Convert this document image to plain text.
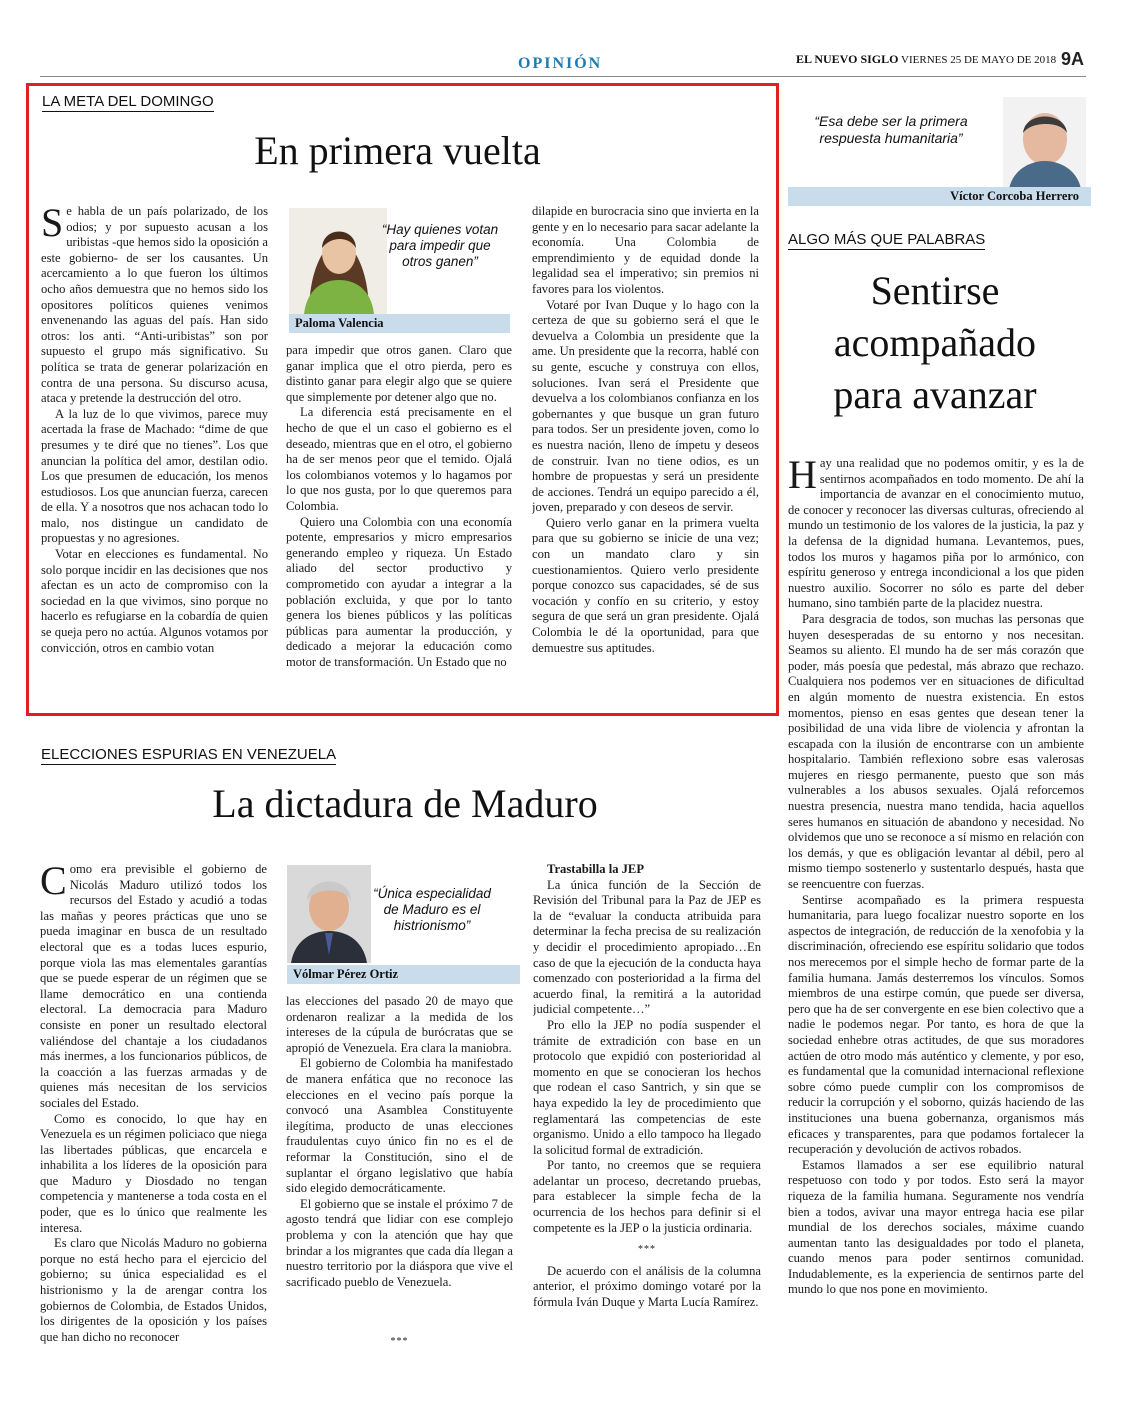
OPINIÓN	EL NUEVO SIGLO VIERNES 25 DE MAYO DE 2018 9A
LA META DEL DOMINGO
En primera vuelta

Se habla de un país polarizado, de los odios; y por supuesto acusan a los uribistas -que hemos sido la oposición a este gobierno- de ser los causantes. Un acercamiento a lo que fueron los últimos ocho años demuestra que no hemos sido los opositores políticos quienes venimos envenenando las aguas del país. Han sido otros: los anti. “Anti-uribistas” son por supuesto el grupo más significativo. Su política se trata de generar polarización en contra de una persona. Su discurso acusa, ataca y pretende la destrucción del otro.

A la luz de lo que vivimos, parece muy acertada la frase de Machado: “dime de que presumes y te diré que no tienes”. Los que anuncian la política del amor, destilan odio. Los que presumen de educación, los menos estudiosos. Los que anuncian fuerza, carecen de ella. Y a nosotros que nos achacan todo lo malo, nos distingue un candidato de propuestas y no agresiones.

Votar en elecciones es fundamental. No solo porque incidir en las decisiones que nos afectan es un acto de compromiso con la sociedad en la que vivimos, sino porque no hacerlo es refugiarse en la cobardía de quien se queja pero no actúa. Algunos votamos por convicción, otros en cambio votan

“Hay quienes votan para impedir que otros ganen”
Paloma Valencia

para impedir que otros ganen. Claro que ganar implica que el otro pierda, pero es distinto ganar para elegir algo que se quiere que simplemente por detener algo que no.

La diferencia está precisamente en el hecho de que el un caso el gobierno es el deseado, mientras que en el otro, el gobierno ha de ser menos peor que el temido. Ojalá los colombianos votemos y lo hagamos por lo que nos gusta, por lo que queremos para Colombia.

Quiero una Colombia con una economía potente, empresarios y micro empresarios generando empleo y riqueza. Un Estado aliado del sector productivo y comprometido con ayudar a integrar a la población excluida, y que por lo tanto genera los bienes públicos y las políticas públicas para aumentar la producción, y dedicado a mejorar la educación como motor de transformación. Un Estado que no

dilapide en burocracia sino que invierta en la gente y en lo necesario para sacar adelante la economía. Una Colombia de emprendimiento y de equidad donde la legalidad sea el imperativo; sin premios ni favores para los violentos.

Votaré por Ivan Duque y lo hago con la certeza de que su gobierno será el que le devuelva a Colombia un presidente que la ame. Un presidente que la recorra, hablé con su gente, escuche y construya con ellos, soluciones. Ivan será el Presidente que devuelva a los colombianos confianza en los gobernantes y que busque un gran futuro para todos. Ser un presidente joven, como lo es nuestra nación, lleno de ímpetu y deseos de construir. Ivan no tiene odios, es un hombre de propuestas y será un presidente de acciones. Tendrá un equipo parecido a él, joven, preparado y con deseos de servir.

Quiero verlo ganar en la primera vuelta para que su gobierno se inicie de una vez; con un mandato claro y sin cuestionamientos. Quiero verlo presidente porque conozco sus capacidades, sé de sus vocación y confío en su criterio, y estoy segura de que será un gran presidente. Ojalá Colombia le dé la oportunidad, para que demuestre sus aptitudes.

“Esa debe ser la primera respuesta humanitaria”
Víctor Corcoba Herrero
ALGO MÁS QUE PALABRAS
Sentirse
acompañado
para avanzar

Hay una realidad que no podemos omitir, y es la de sentirnos acompañados en todo momento. De ahí la importancia de avanzar en el conocimiento mutuo, de conocer y reconocer las diversas culturas, ofreciendo al mundo un testimonio de los valores de la justicia, la paz y la defensa de la dignidad humana. Levantemos, pues, todos los muros y hagamos piña por lo armónico, con espíritu generoso y entrega incondicional a los que piden nuestro auxilio. Socorrer no sólo es parte del deber humano, sino también parte de la placidez nuestra.

Para desgracia de todos, son muchas las personas que huyen desesperadas de su entorno y nos necesitan. Seamos su aliento. El mundo ha de ser más corazón que poder, más poesía que pedestal, más abrazo que rechazo. Cualquiera nos podemos ver en situaciones de dificultad en algún momento de nuestra existencia. En estos momentos, pienso en esas gentes que desean tener la posibilidad de una vida libre de violencia y afrontan la escapada con la ilusión de encontrarse con un ambiente hospitalario. También reflexiono sobre esas valerosas mujeres en riesgo permanente, puesto que son más vulnerables a los abusos sexuales. Ojalá reforcemos nuestra presencia, nuestra mano tendida, hacia aquellos seres humanos en situación de abandono y necesidad. No olvidemos que uno se reconoce a sí mismo en relación con los demás, y que es obligación levantar al débil, pero al mismo tiempo sostenerlo y sustentarlo después, hasta que se reencuentre con fuerzas.

Sentirse acompañado es la primera respuesta humanitaria, para luego focalizar nuestro soporte en los aspectos de integración, de reducción de la xenofobia y la discriminación, ofreciendo ese espíritu solidario que todos nos merecemos por el simple hecho de formar parte de la familia humana. Jamás desterremos los vínculos. Somos miembros de una estirpe común, que puede ser diversa, pero que ha de ser convergente en ese bien colectivo que a nadie le podemos negar. Por tanto, es hora de que la sociedad enhebre otras actitudes, de que sus moradores actúen de otro modo más auténtico y clemente, y por eso, es fundamental que la comunidad internacional reflexione sobre cómo puede cumplir con los compromisos de reducir la corrupción y el soborno, quizás haciendo de las instituciones una buena gobernanza, organismos más eficaces y transparentes, para que podamos fortalecer la recuperación y devolución de activos robados.

Estamos llamados a ser ese equilibrio natural respetuoso con todo y por todos. Esto será la mayor riqueza de la familia humana. Seguramente nos vendría bien a todos, avivar una mayor entrega hacia ese pilar mundial de los derechos sociales, máxime cuando aumentan tanto las desigualdades por todo el planeta, cuando menos para poder sentirnos comunidad. Indudablemente, es la experiencia de sentirnos parte del mundo lo que nos pone en movimiento.

ELECCIONES ESPURIAS EN VENEZUELA
La dictadura de Maduro

Como era previsible el gobierno de Nicolás Maduro utilizó todos los recursos del Estado y acudió a todas las mañas y peores prácticas que uno se pueda imaginar en busca de un resultado electoral que es a todas luces espurio, porque viola las mas elementales garantías que se puede esperar de un régimen que se llame democrático en una contienda electoral. La democracia para Maduro consiste en poner un resultado electoral valiéndose del chantaje a los ciudadanos más inermes, a los funcionarios públicos, de la coacción a las fuerzas armadas y de quienes más necesitan de los servicios sociales del Estado.

Como es conocido, lo que hay en Venezuela es un régimen policiaco que niega las libertades públicas, que encarcela e inhabilita a los líderes de la oposición para que Maduro y Diosdado no tengan competencia y mantenerse a toda costa en el poder, que es lo único que realmente les interesa.

Es claro que Nicolás Maduro no gobierna porque no está hecho para el ejercicio del gobierno; su única especialidad es el histrionismo y la de arengar contra los gobiernos de Colombia, de Estados Unidos, los dirigentes de la oposición y los países que han dicho no reconocer

“Única especialidad de Maduro es el histrionismo”
Vólmar Pérez Ortiz

las elecciones del pasado 20 de mayo que ordenaron realizar a la medida de los intereses de la cúpula de burócratas que se apropió de Venezuela. Era clara la maniobra.

El gobierno de Colombia ha manifestado de manera enfática que no reconoce las elecciones en el vecino país porque la convocó una Asamblea Constituyente ilegítima, producto de unas elecciones fraudulentas cuyo único fin no es el de reformar la Constitución, sino el de suplantar el órgano legislativo que había sido elegido democráticamente.

El gobierno que se instale el próximo 7 de agosto tendrá que lidiar con ese complejo problema y con la atención que hay que brindar a los migrantes que cada día llegan a nuestro territorio por la diáspora que vive el sacrificado pueblo de Venezuela.

***
Trastabilla la JEP

La única función de la Sección de Revisión del Tribunal para la Paz de JEP es la de “evaluar la conducta atribuida para determinar la fecha precisa de su realización y decidir el procedimiento apropiado…En caso de que la ejecución de la conducta haya comenzado con posterioridad a la firma del acuerdo final, la remitirá a la autoridad judicial competente…”

Pro ello la JEP no podía suspender el trámite de extradición con base en un protocolo que expidió con posterioridad al momento en que se conocieran los hechos que rodean el caso Santrich, y sin que se haya expedido la ley de procedimiento que reglamentará las competencias de este organismo. Unido a ello tampoco ha llegado la solicitud formal de extradición.

Por tanto, no creemos que se requiera adelantar un proceso, decretando pruebas, para establecer la simple fecha de la ocurrencia de los hechos para definir si el competente es la JEP o la justicia ordinaria.

***

De acuerdo con el análisis de la columna anterior, el próximo domingo votaré por la fórmula Iván Duque y Marta Lucía Ramírez.
